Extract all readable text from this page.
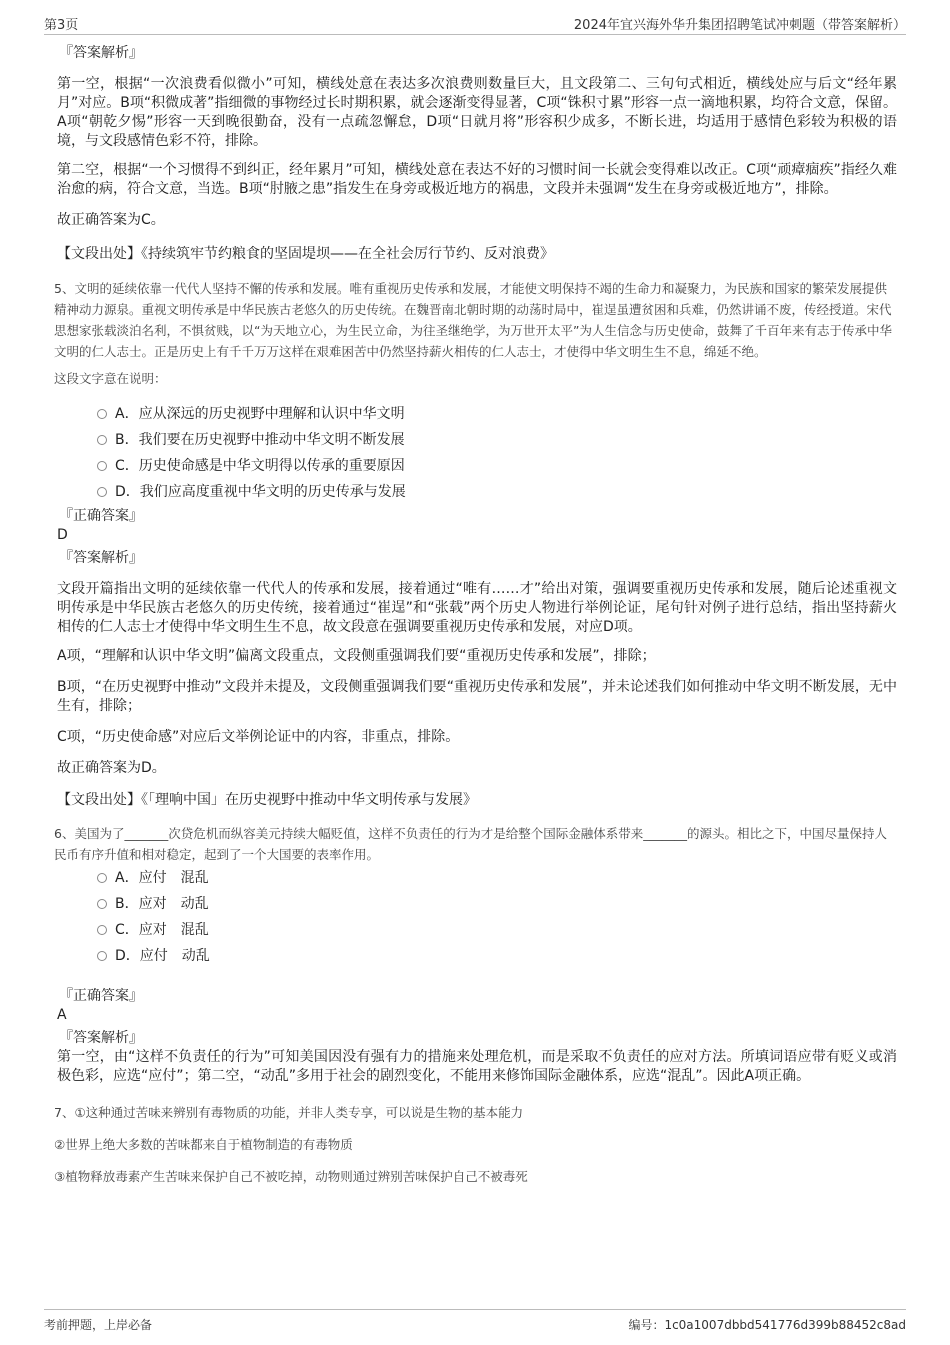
第3页	2024年宜兴海外华升集团招聘笔试冲刺题（带答案解析）
『答案解析』

第一空，根据“一次浪费看似微小”可知，横线处意在表达多次浪费则数量巨大，且文段第二、三句句式相近，横线处应与后文“经年累月”对应。B项“积微成著”指细微的事物经过长时期积累，就会逐渐变得显著，C项“铢积寸累”形容一点一滴地积累，均符合文意，保留。A项“朝乾夕惕”形容一天到晚很勤奋，没有一点疏忽懈怠，D项“日就月将”形容积少成多，不断长进，均适用于感情色彩较为积极的语境，与文段感情色彩不符，排除。

第二空，根据“一个习惯得不到纠正，经年累月”可知，横线处意在表达不好的习惯时间一长就会变得难以改正。C项“顽瘴痼疾”指经久难治愈的病，符合文意，当选。B项“肘腋之患”指发生在身旁或极近地方的祸患，文段并未强调“发生在身旁或极近地方”，排除。

故正确答案为C。

【文段出处】《持续筑牢节约粮食的坚固堤坝——在全社会厉行节约、反对浪费》

5、文明的延续依靠一代代人坚持不懈的传承和发展。唯有重视历史传承和发展，才能使文明保持不竭的生命力和凝聚力，为民族和国家的繁荣发展提供精神动力源泉。重视文明传承是中华民族古老悠久的历史传统。在魏晋南北朝时期的动荡时局中，崔逞虽遭贫困和兵难，仍然讲诵不废，传经授道。宋代思想家张载淡泊名利，不惧贫贱，以“为天地立心，为生民立命，为往圣继绝学，为万世开太平”为人生信念与历史使命，鼓舞了千百年来有志于传承中华文明的仁人志士。正是历史上有千千万万这样在艰难困苦中仍然坚持薪火相传的仁人志士，才使得中华文明生生不息，绵延不绝。

这段文字意在说明：

A．应从深远的历史视野中理解和认识中华文明
B．我们要在历史视野中推动中华文明不断发展
C．历史使命感是中华文明得以传承的重要原因
D．我们应高度重视中华文明的历史传承与发展
『正确答案』
D
『答案解析』

文段开篇指出文明的延续依靠一代代人的传承和发展，接着通过“唯有……才”给出对策，强调要重视历史传承和发展，随后论述重视文明传承是中华民族古老悠久的历史传统，接着通过“崔逞”和“张载”两个历史人物进行举例论证，尾句针对例子进行总结，指出坚持薪火相传的仁人志士才使得中华文明生生不息，故文段意在强调要重视历史传承和发展，对应D项。

A项，“理解和认识中华文明”偏离文段重点，文段侧重强调我们要“重视历史传承和发展”，排除；

B项，“在历史视野中推动”文段并未提及，文段侧重强调我们要“重视历史传承和发展”，并未论述我们如何推动中华文明不断发展，无中生有，排除；

C项，“历史使命感”对应后文举例论证中的内容，非重点，排除。

故正确答案为D。

【文段出处】《「理响中国」在历史视野中推动中华文明传承与发展》

6、美国为了_______次贷危机而纵容美元持续大幅贬值，这样不负责任的行为才是给整个国际金融体系带来_______的源头。相比之下，中国尽量保持人民币有序升值和相对稳定，起到了一个大国要的表率作用。

A．应付　混乱
B．应对　动乱
C．应对　混乱
D．应付　动乱
『正确答案』
A
『答案解析』

第一空，由“这样不负责任的行为”可知美国因没有强有力的措施来处理危机，而是采取不负责任的应对方法。所填词语应带有贬义或消极色彩，应选“应付”；第二空，“动乱”多用于社会的剧烈变化，不能用来修饰国际金融体系，应选“混乱”。因此A项正确。

7、①这种通过苦味来辨别有毒物质的功能，并非人类专享，可以说是生物的基本能力

②世界上绝大多数的苦味都来自于植物制造的有毒物质

③植物释放毒素产生苦味来保护自己不被吃掉，动物则通过辨别苦味保护自己不被毒死

考前押题，上岸必备	编号：1c0a1007dbbd541776d399b88452c8ad
